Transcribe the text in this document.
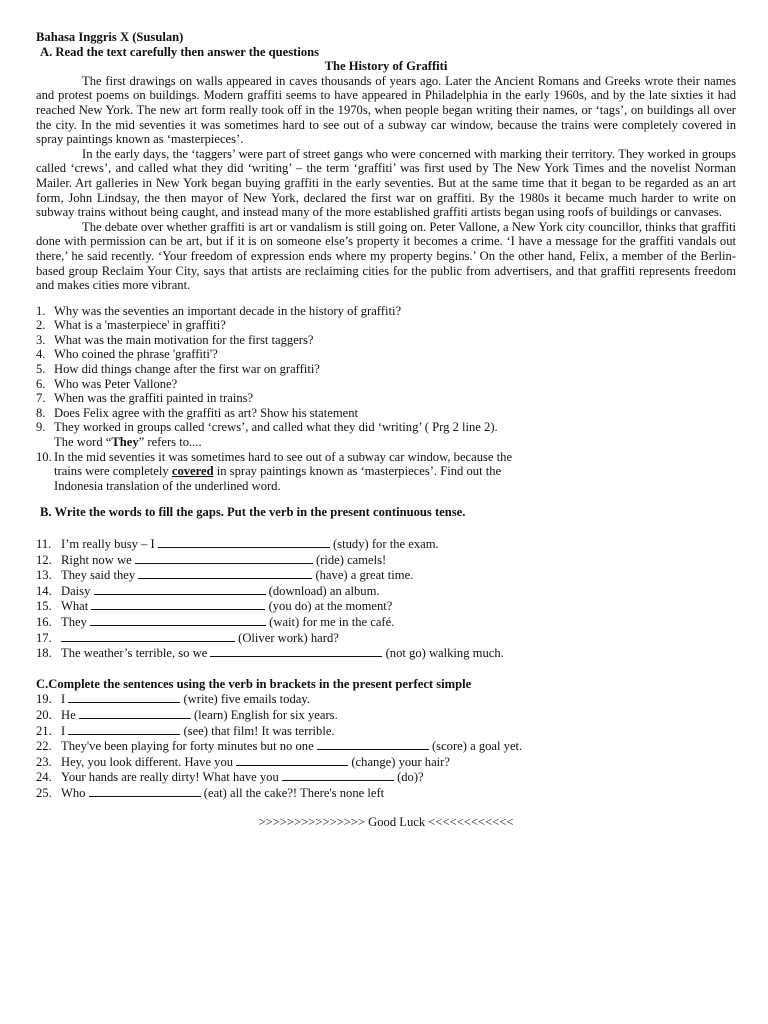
Bahasa Inggris X (Susulan)
A. Read the text carefully then answer the questions
The History of Graffiti

The first drawings on walls appeared in caves thousands of years ago. Later the Ancient Romans and Greeks wrote their names and protest poems on buildings. Modern graffiti seems to have appeared in Philadelphia in the early 1960s, and by the late sixties it had reached New York. The new art form really took off in the 1970s, when people began writing their names, or ‘tags’, on buildings all over the city. In the mid seventies it was sometimes hard to see out of a subway car window, because the trains were completely covered in spray paintings known as ‘masterpieces’.

In the early days, the ‘taggers’ were part of street gangs who were concerned with marking their territory. They worked in groups called ‘crews’, and called what they did ‘writing’ – the term ‘graffiti’ was first used by The New York Times and the novelist Norman Mailer. Art galleries in New York began buying graffiti in the early seventies. But at the same time that it began to be regarded as an art form, John Lindsay, the then mayor of New York, declared the first war on graffiti. By the 1980s it became much harder to write on subway trains without being caught, and instead many of the more established graffiti artists began using roofs of buildings or canvases.

The debate over whether graffiti is art or vandalism is still going on. Peter Vallone, a New York city councillor, thinks that graffiti done with permission can be art, but if it is on someone else’s property it becomes a crime. ‘I have a message for the graffiti vandals out there,’ he said recently. ‘Your freedom of expression ends where my property begins.’ On the other hand, Felix, a member of the Berlin-based group Reclaim Your City, says that artists are reclaiming cities for the public from advertisers, and that graffiti represents freedom and makes cities more vibrant.

1. Why was the seventies an important decade in the history of graffiti?
2. What is a 'masterpiece' in graffiti?
3. What was the main motivation for the first taggers?
4. Who coined the phrase 'graffiti'?
5. How did things change after the first war on graffiti?
6. Who was Peter Vallone?
7. When was the graffiti painted in trains?
8. Does Felix agree with the graffiti as art? Show his statement
9. They worked in groups called ‘crews’, and called what they did ‘writing’ ( Prg 2 line 2).
The word “They” refers to....
10. In the mid seventies it was sometimes hard to see out of a subway car window, because the
trains were completely covered in spray paintings known as ‘masterpieces’. Find out the
Indonesia translation of the underlined word.
B. Write the words to fill the gaps. Put the verb in the present continuous tense.
11. I’m really busy – I	(study) for the exam.
12. Right now we	(ride) camels!
13. They said they	(have) a great time.
14. Daisy	(download) an album.
15. What	(you do) at the moment?
16. They	(wait) for me in the café.
17.	(Oliver work) hard?
18. The weather’s terrible, so we	(not go) walking much.
C.Complete the sentences using the verb in brackets in the present perfect simple
19. I	(write) five emails today.
20. He	(learn) English for six years.
21. I	(see) that film! It was terrible.
22. They've been playing for forty minutes but no one	(score) a goal yet.
23. Hey, you look different. Have you	(change) your hair?
24. Your hands are really dirty! What have you	(do)?
25. Who	(eat) all the cake?! There's none left
>>>>>>>>>>>>>>> Good Luck <<<<<<<<<<<<
